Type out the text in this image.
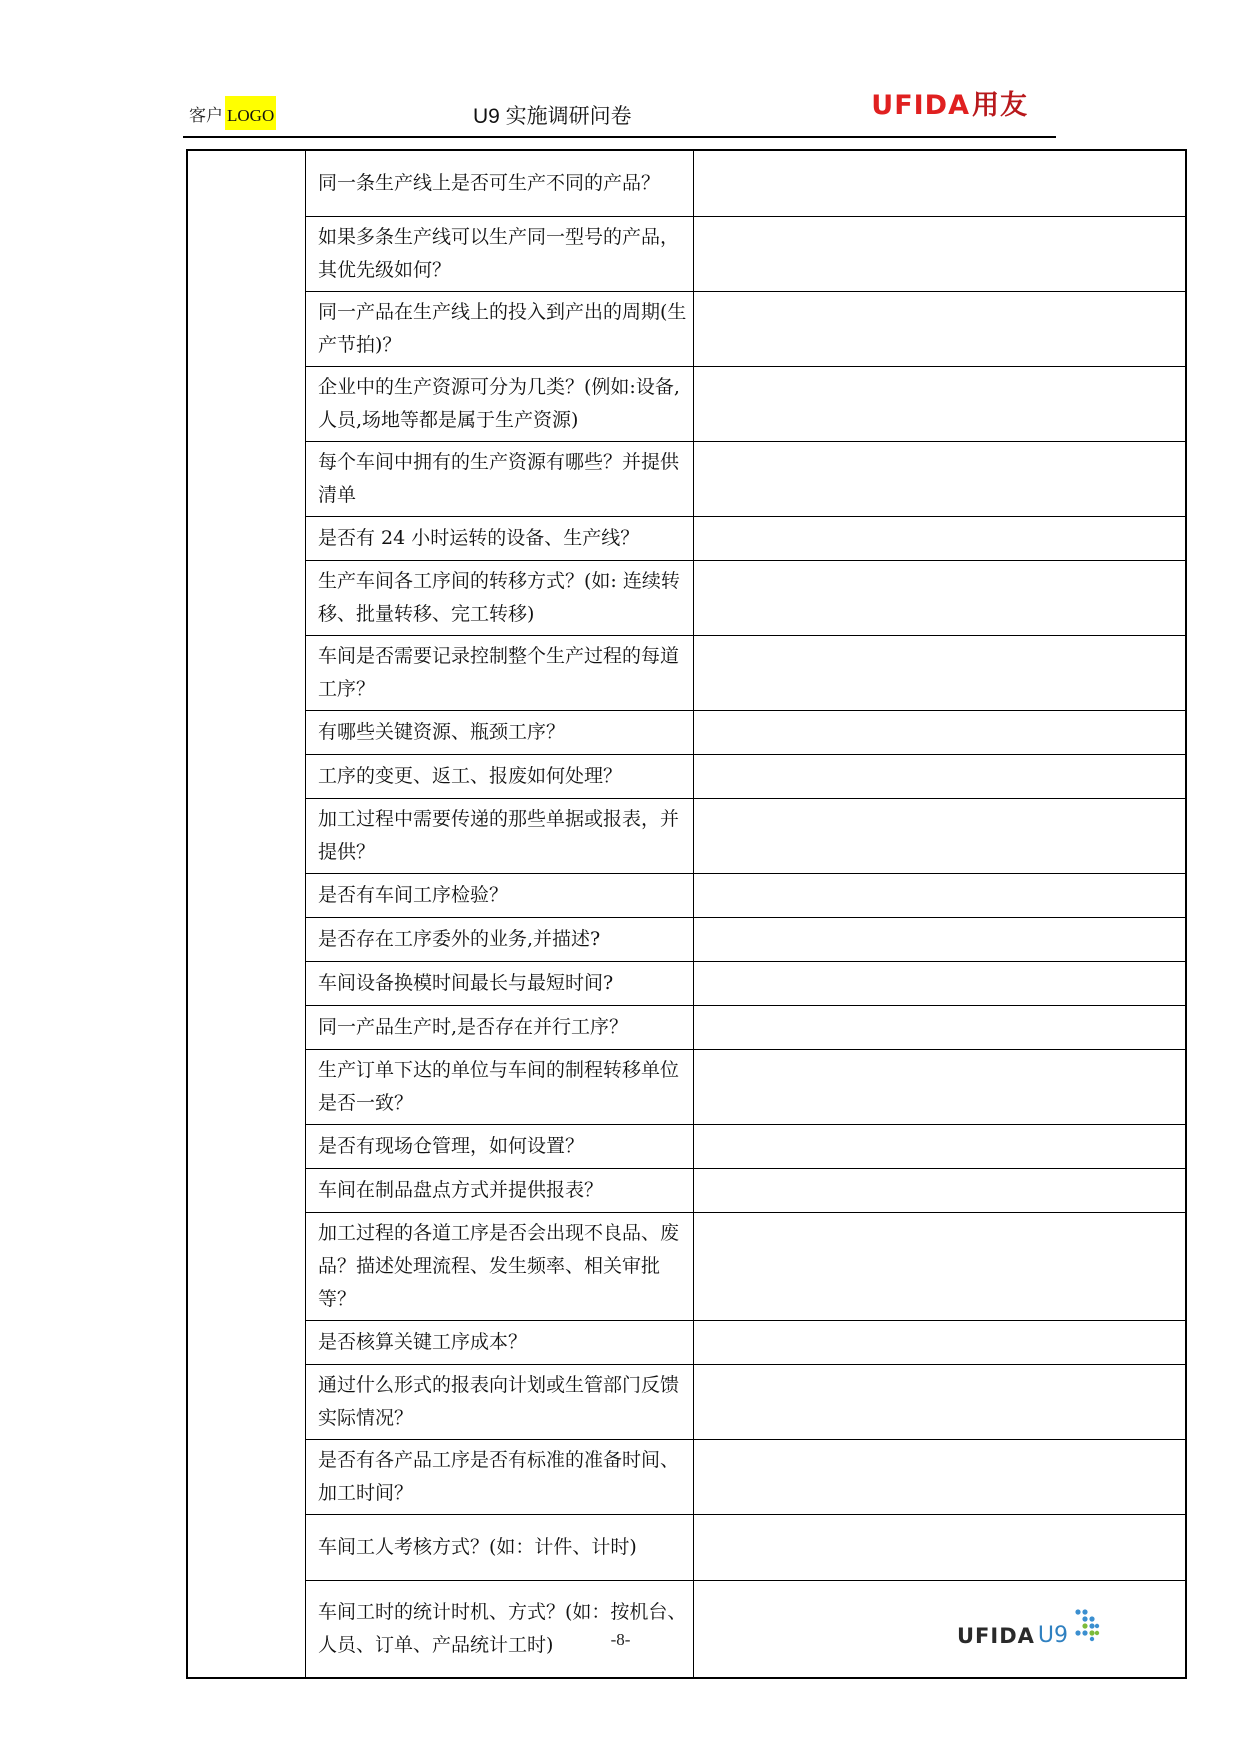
客户 LOGO	U9 实施调研问卷	UFIDA用友
	同一条生产线上是否可生产不同的产品？	
	如果多条生产线可以生产同一型号的产品，其优先级如何？	
	同一产品在生产线上的投入到产出的周期(生产节拍)？	
	企业中的生产资源可分为几类？(例如:设备,人员,场地等都是属于生产资源)	
	每个车间中拥有的生产资源有哪些？并提供清单	
	是否有 24 小时运转的设备、生产线？	
	生产车间各工序间的转移方式？(如: 连续转移、批量转移、完工转移)	
	车间是否需要记录控制整个生产过程的每道工序？	
	有哪些关键资源、瓶颈工序？	
	工序的变更、返工、报废如何处理？	
	加工过程中需要传递的那些单据或报表，并提供？	
	是否有车间工序检验？	
	是否存在工序委外的业务,并描述?	
	车间设备换模时间最长与最短时间?	
	同一产品生产时,是否存在并行工序？	
	生产订单下达的单位与车间的制程转移单位是否一致？	
	是否有现场仓管理，如何设置？	
	车间在制品盘点方式并提供报表？	
	加工过程的各道工序是否会出现不良品、废品？描述处理流程、发生频率、相关审批等？	
	是否核算关键工序成本？	
	通过什么形式的报表向计划或生管部门反馈实际情况？	
	是否有各产品工序是否有标准的准备时间、加工时间？	
	车间工人考核方式？(如：计件、计时)	
	车间工时的统计时机、方式？(如：按机台、人员、订单、产品统计工时)		-8-	UFIDA U9
